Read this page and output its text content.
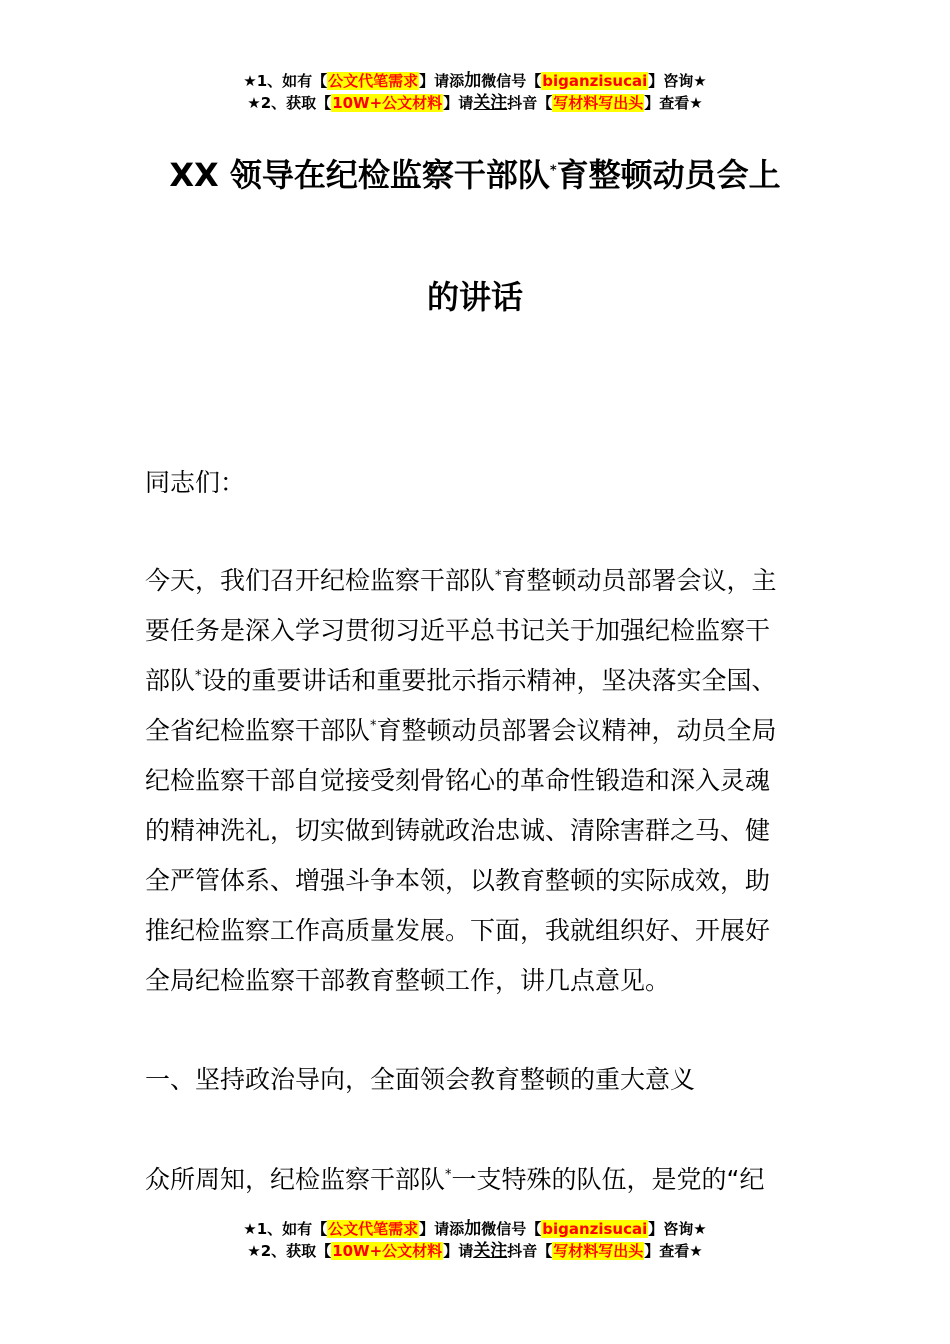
★1、如有【公文代笔需求】请添加微信号【biganzisucai】咨询★
★2、获取【10W+公文材料】请关注抖音【写材料写出头】查看★
XX 领导在纪检监察干部队*育整顿动员会上
的讲话
同志们：
今天，我们召开纪检监察干部队*育整顿动员部署会议，主
要任务是深入学习贯彻习近平总书记关于加强纪检监察干
部队*设的重要讲话和重要批示指示精神，坚决落实全国、
全省纪检监察干部队*育整顿动员部署会议精神，动员全局
纪检监察干部自觉接受刻骨铭心的革命性锻造和深入灵魂
的精神洗礼，切实做到铸就政治忠诚、清除害群之马、健
全严管体系、增强斗争本领，以教育整顿的实际成效，助
推纪检监察工作高质量发展。下面，我就组织好、开展好
全局纪检监察干部教育整顿工作，讲几点意见。
一、坚持政治导向，全面领会教育整顿的重大意义
众所周知，纪检监察干部队*一支特殊的队伍，是党的“纪
★1、如有【公文代笔需求】请添加微信号【biganzisucai】咨询★
★2、获取【10W+公文材料】请关注抖音【写材料写出头】查看★
